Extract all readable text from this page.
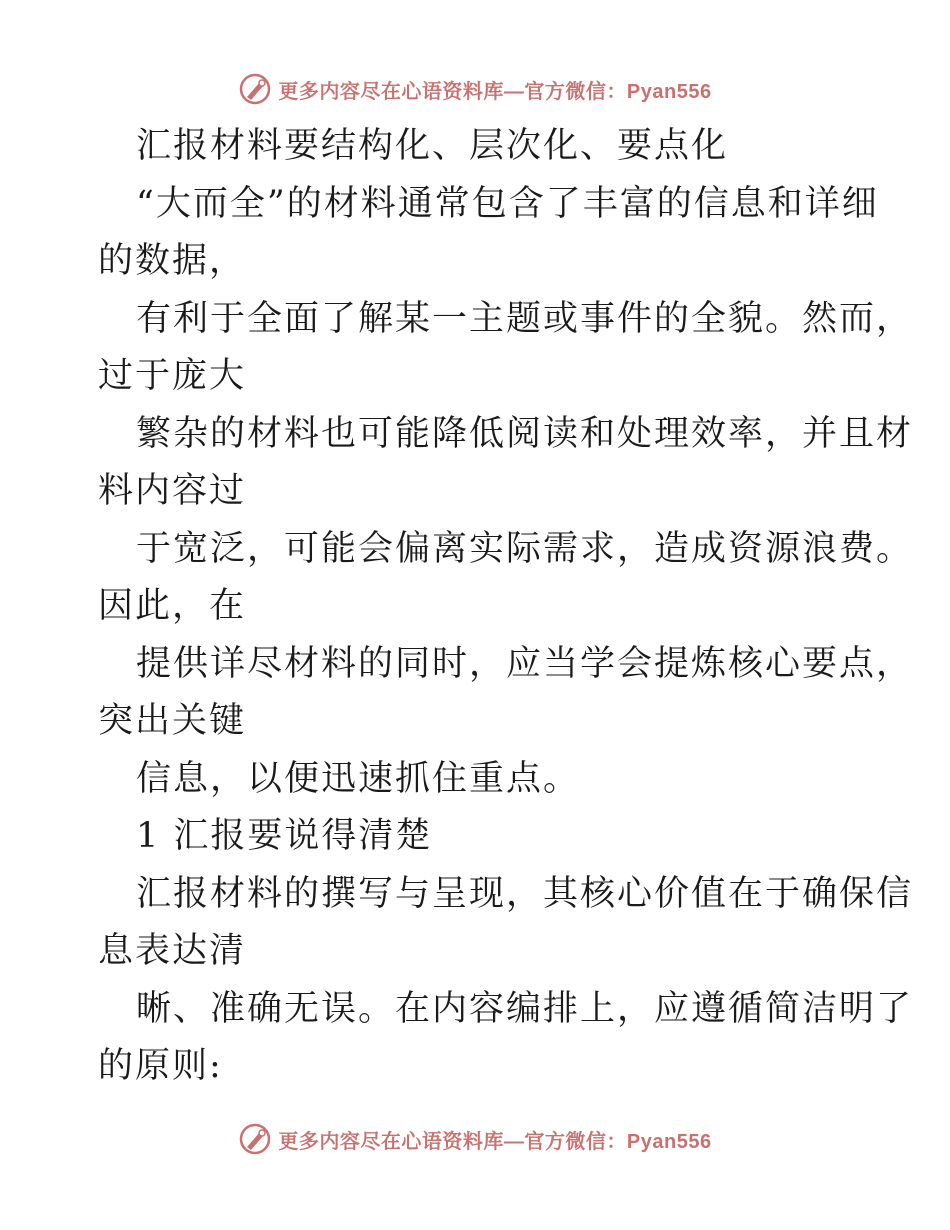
更多内容尽在心语资料库—官方微信：Pyan556
汇报材料要结构化、层次化、要点化
“大而全”的材料通常包含了丰富的信息和详细
的数据，
有利于全面了解某一主题或事件的全貌。然而，
过于庞大
繁杂的材料也可能降低阅读和处理效率，并且材
料内容过
于宽泛，可能会偏离实际需求，造成资源浪费。
因此，在
提供详尽材料的同时，应当学会提炼核心要点，
突出关键
信息，以便迅速抓住重点。
1 汇报要说得清楚
汇报材料的撰写与呈现，其核心价值在于确保信
息表达清
晰、准确无误。在内容编排上，应遵循简洁明了
的原则:
更多内容尽在心语资料库—官方微信：Pyan556
